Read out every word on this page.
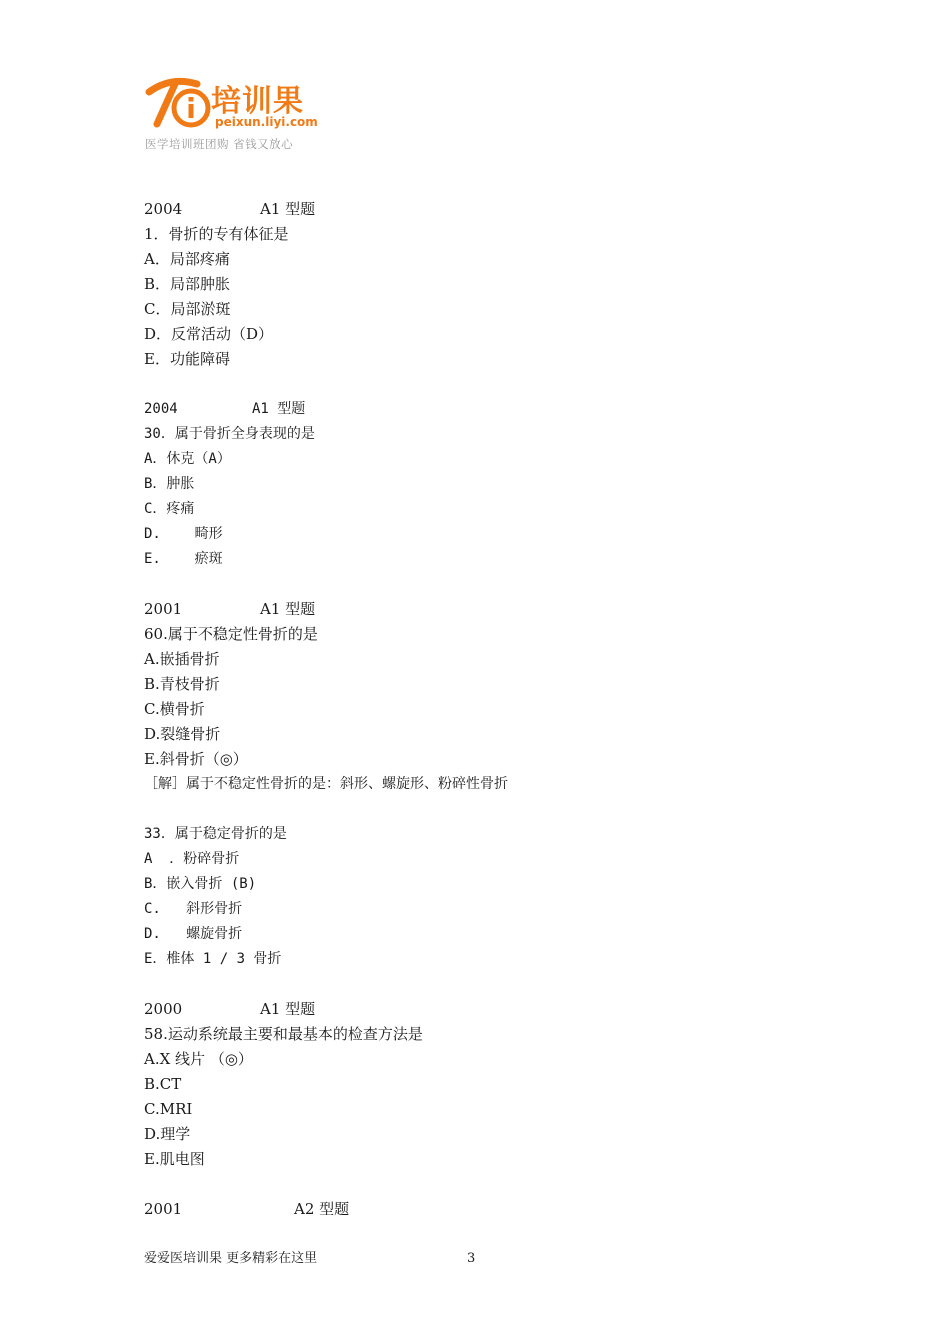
培训果
peixun.liyi.com
医学培训班团购 省钱又放心
2004	A1 型题
1．骨折的专有体征是
A．局部疼痛
B．局部肿胀
C．局部淤斑
D．反常活动（D）
E．功能障碍
2004	A1 型题
30．属于骨折全身表现的是
A．休克（A）
B．肿胀
C．疼痛
D.    畸形
E.    瘀斑
2001	A1 型题
60.属于不稳定性骨折的是
A.嵌插骨折
B.青枝骨折
C.横骨折
D.裂缝骨折
E.斜骨折（◎）
［解］属于不稳定性骨折的是：斜形、螺旋形、粉碎性骨折
33．属于稳定骨折的是
A  ．粉碎骨折
B．嵌入骨折 (B)
C.   斜形骨折
D.   螺旋骨折
E．椎体 1 / 3 骨折
2000	A1 型题
58.运动系统最主要和最基本的检查方法是
A.X 线片 （◎）
B.CT
C.MRI
D.理学
E.肌电图
2001	A2 型题
爱爱医培训果 更多精彩在这里	3
